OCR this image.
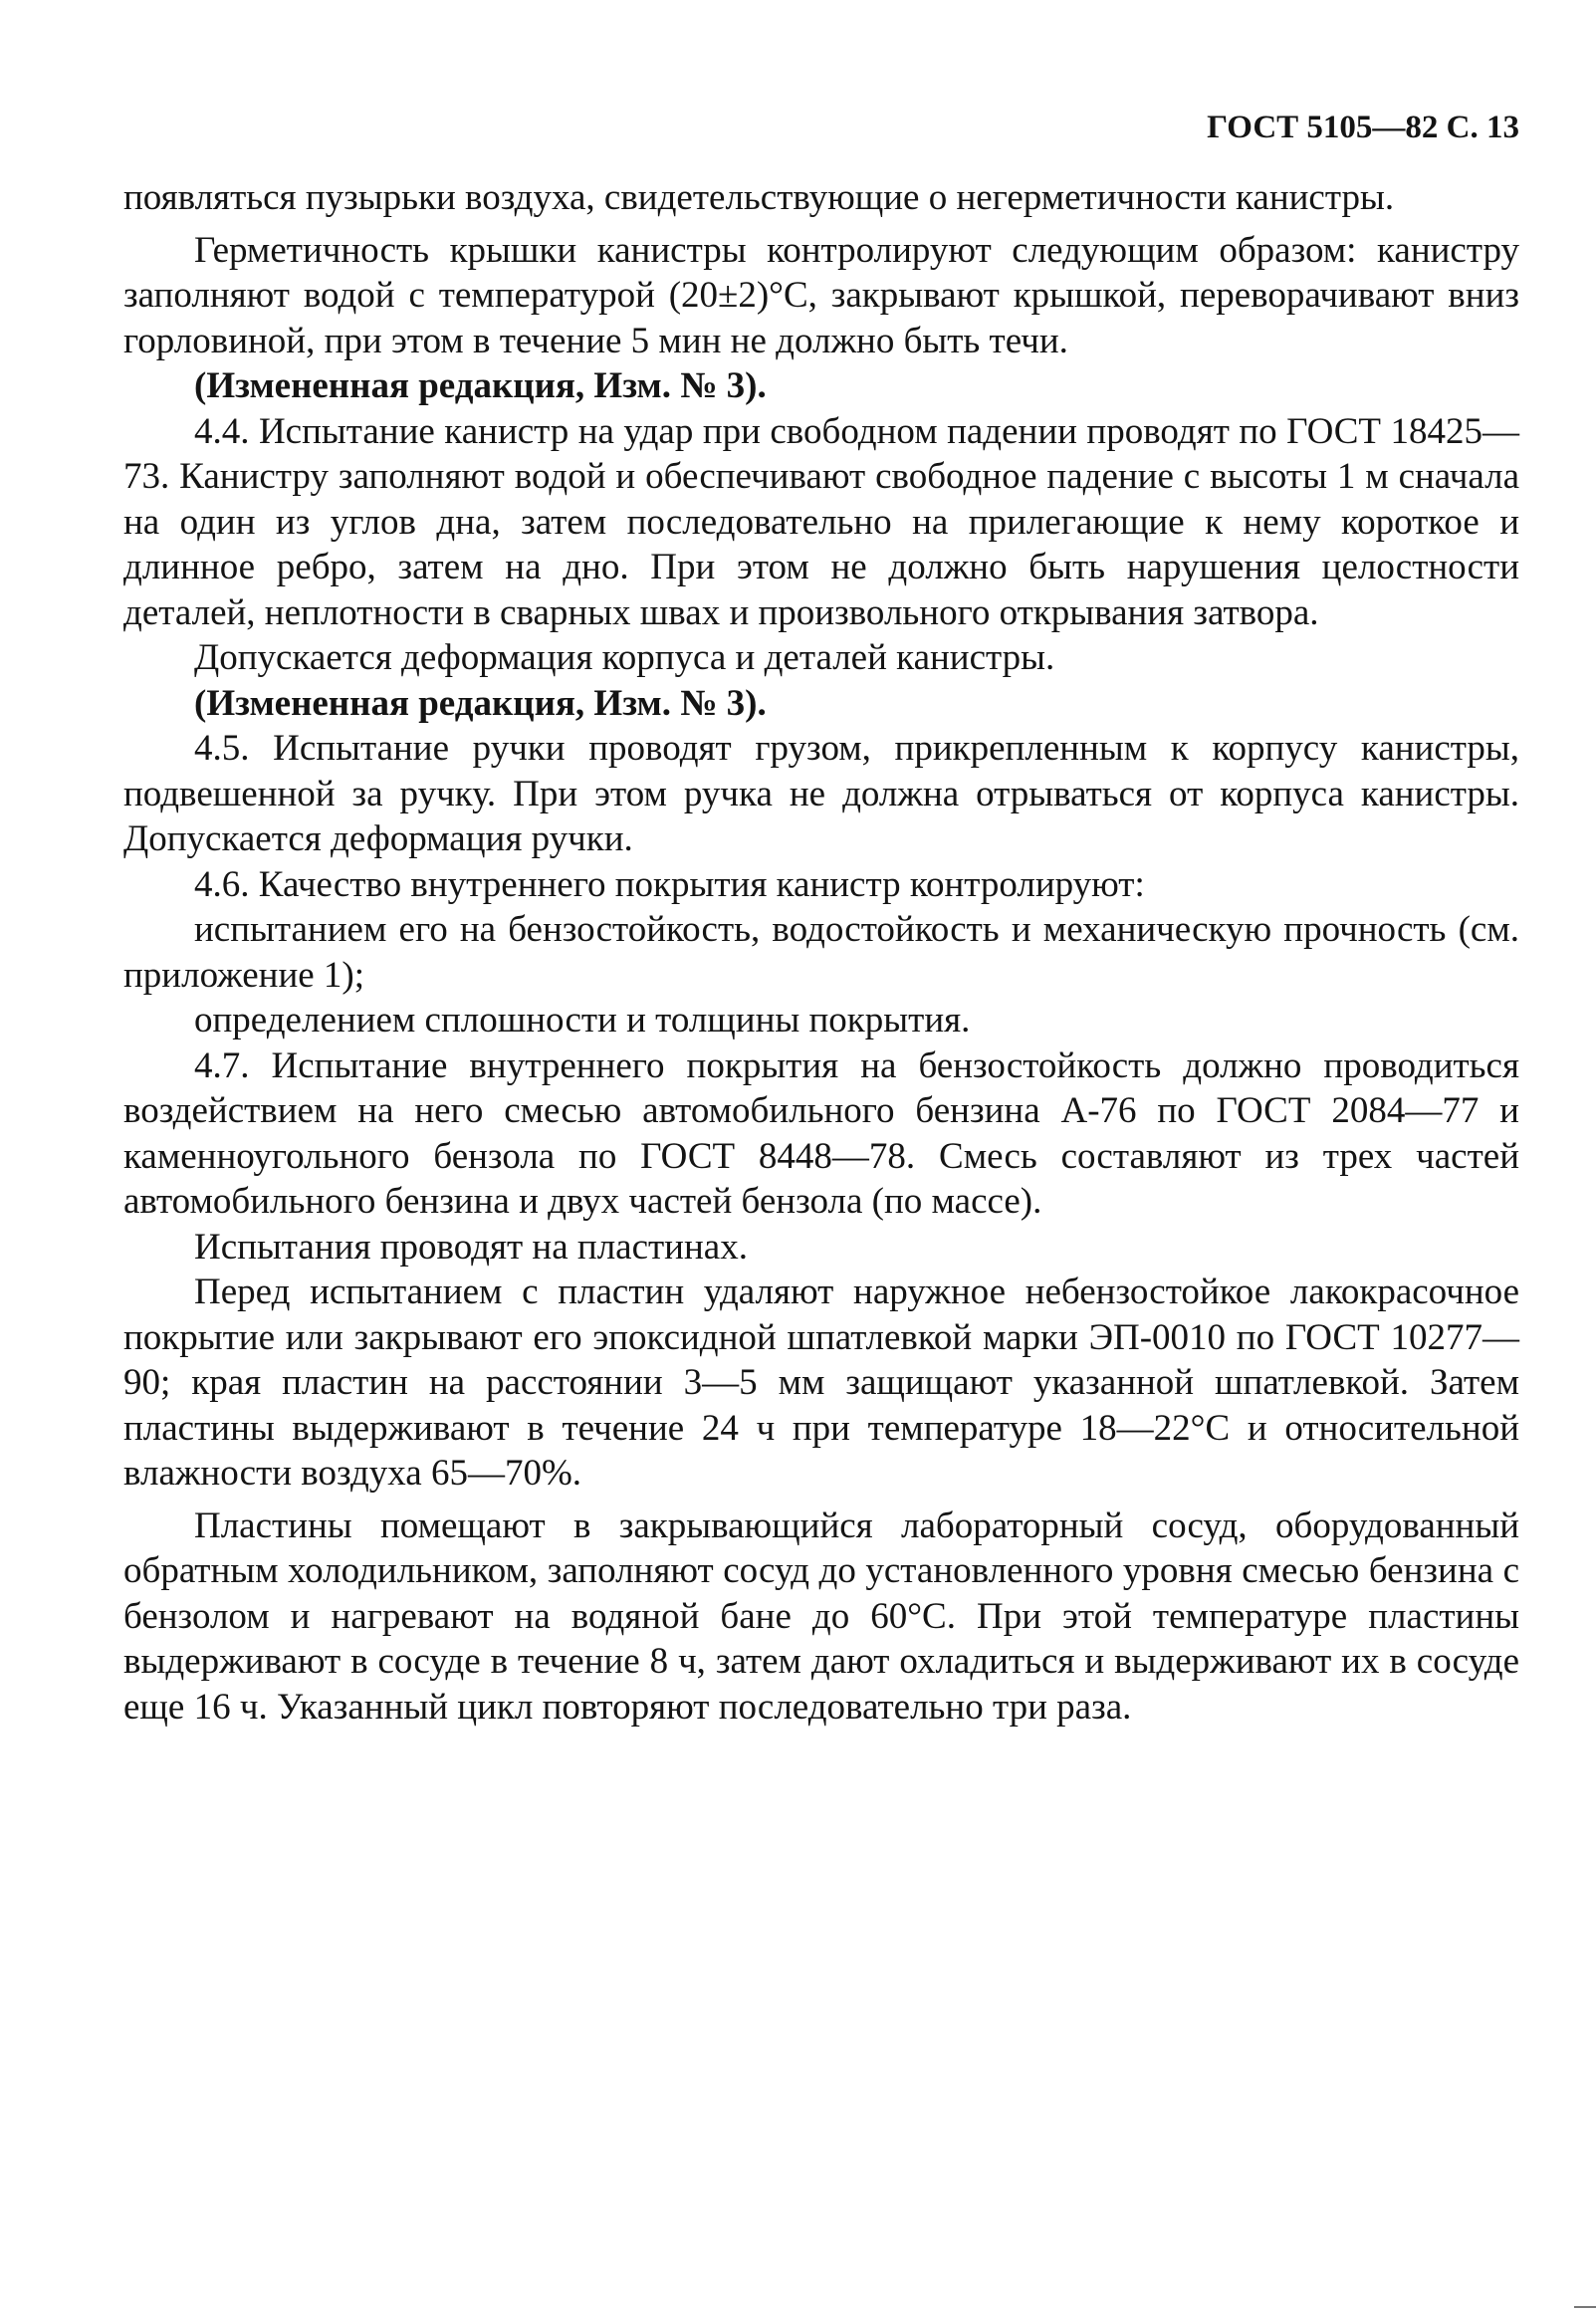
ГОСТ 5105—82 С. 13

появляться пузырьки воздуха, свидетельствующие о негерметичности канистры.

Герметичность крышки канистры контролируют следующим образом: канистру заполняют водой с температурой (20±2)°С, закрывают крышкой, переворачивают вниз горловиной, при этом в течение 5 мин не должно быть течи.

(Измененная редакция, Изм. № 3).

4.4. Испытание канистр на удар при свободном падении проводят по ГОСТ 18425—73. Канистру заполняют водой и обеспечивают свободное падение с высоты 1 м сначала на один из углов дна, затем последовательно на прилегающие к нему короткое и длинное ребро, затем на дно. При этом не должно быть нарушения целостности деталей, неплотности в сварных швах и произвольного открывания затвора.

Допускается деформация корпуса и деталей канистры.

(Измененная редакция, Изм. № 3).

4.5. Испытание ручки проводят грузом, прикрепленным к корпусу канистры, подвешенной за ручку. При этом ручка не должна отрываться от корпуса канистры. Допускается деформация ручки.

4.6. Качество внутреннего покрытия канистр контролируют:

испытанием его на бензостойкость, водостойкость и механическую прочность (см. приложение 1);

определением сплошности и толщины покрытия.

4.7. Испытание внутреннего покрытия на бензостойкость должно проводиться воздействием на него смесью автомобильного бензина А-76 по ГОСТ 2084—77 и каменноугольного бензола по ГОСТ 8448—78. Смесь составляют из трех частей автомобильного бензина и двух частей бензола (по массе).

Испытания проводят на пластинах.

Перед испытанием с пластин удаляют наружное небензостойкое лакокрасочное покрытие или закрывают его эпоксидной шпатлевкой марки ЭП-0010 по ГОСТ 10277—90; края пластин на расстоянии 3—5 мм защищают указанной шпатлевкой. Затем пластины выдерживают в течение 24 ч при температуре 18—22°С и относительной влажности воздуха 65—70%.

Пластины помещают в закрывающийся лабораторный сосуд, оборудованный обратным холодильником, заполняют сосуд до установленного уровня смесью бензина с бензолом и нагревают на водяной бане до 60°С. При этой температуре пластины выдерживают в сосуде в течение 8 ч, затем дают охладиться и выдерживают их в сосуде еще 16 ч. Указанный цикл повторяют последовательно три раза.
